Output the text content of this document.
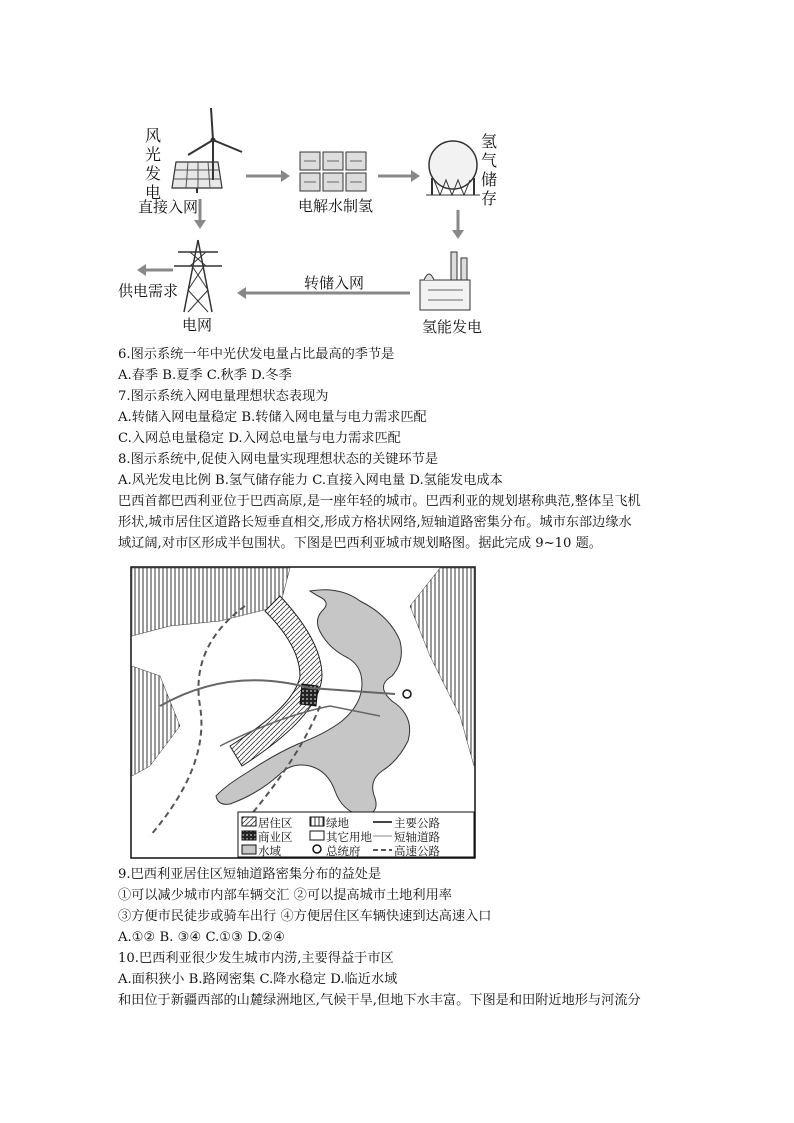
风光发电
直接入网	电解水制氢
氢气储存
转储入网
供电需求
电网	氢能发电
6.图示系统一年中光伏发电量占比最高的季节是
A.春季 B.夏季 C.秋季 D.冬季
7.图示系统入网电量理想状态表现为
A.转储入网电量稳定 B.转储入网电量与电力需求匹配
C.入网总电量稳定 D.入网总电量与电力需求匹配
8.图示系统中,促使入网电量实现理想状态的关键环节是
A.风光发电比例 B.氢气储存能力 C.直接入网电量 D.氢能发电成本
巴西首都巴西利亚位于巴西高原,是一座年轻的城市。巴西利亚的规划堪称典范,整体呈飞机
形状,城市居住区道路长短垂直相交,形成方格状网络,短轴道路密集分布。城市东部边缘水
域辽阔,对市区形成半包围状。下图是巴西利亚城市规划略图。据此完成 9~10 题。
居住区
商业区
水域
绿地
其它用地
总统府
主要公路
短轴道路
高速公路
9.巴西利亚居住区短轴道路密集分布的益处是
①可以减少城市内部车辆交汇 ②可以提高城市土地利用率
③方便市民徒步或骑车出行 ④方便居住区车辆快速到达高速入口
A.①② B. ③④ C.①③ D.②④
10.巴西利亚很少发生城市内涝,主要得益于市区
A.面积狭小 B.路网密集 C.降水稳定 D.临近水域
和田位于新疆西部的山麓绿洲地区,气候干旱,但地下水丰富。下图是和田附近地形与河流分
